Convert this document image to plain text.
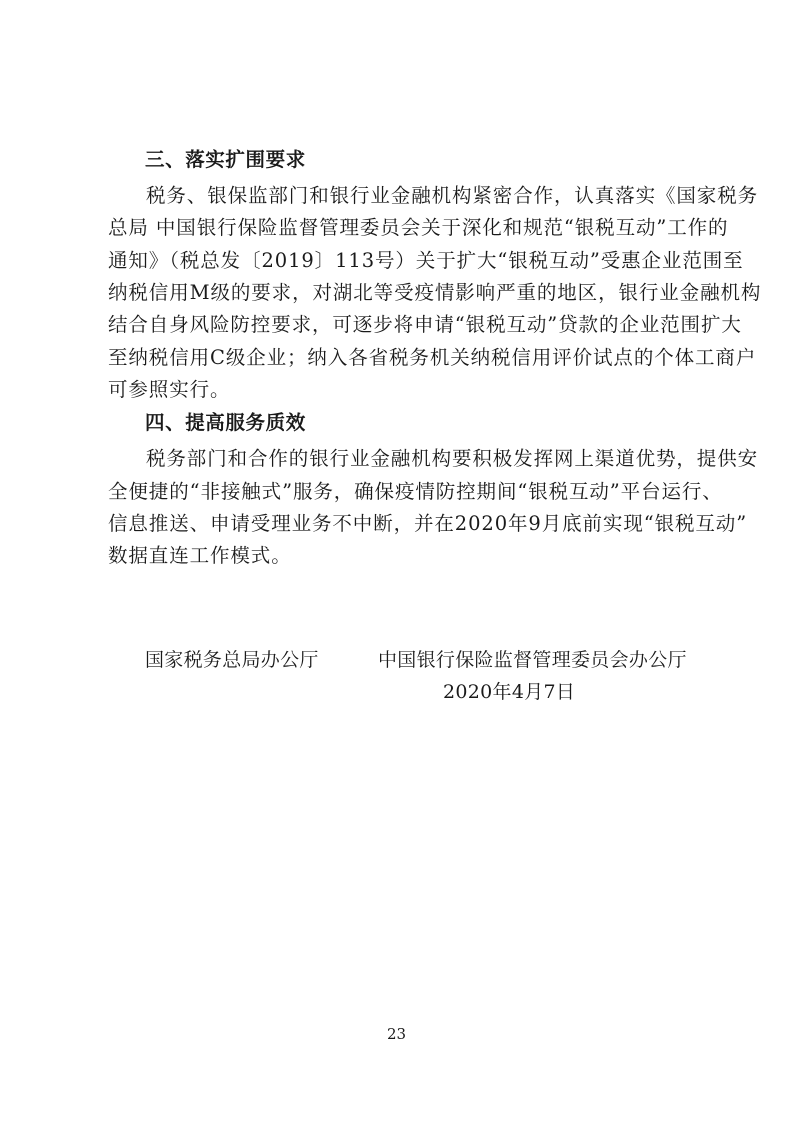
三、落实扩围要求
税务、银保监部门和银行业金融机构紧密合作，认真落实《国家税务
总局 中国银行保险监督管理委员会关于深化和规范“银税互动”工作的
通知》（税总发〔2019〕113号）关于扩大“银税互动”受惠企业范围至
纳税信用M级的要求，对湖北等受疫情影响严重的地区，银行业金融机构
结合自身风险防控要求，可逐步将申请“银税互动”贷款的企业范围扩大
至纳税信用C级企业；纳入各省税务机关纳税信用评价试点的个体工商户
可参照实行。
四、提高服务质效
税务部门和合作的银行业金融机构要积极发挥网上渠道优势，提供安
全便捷的“非接触式”服务，确保疫情防控期间“银税互动”平台运行、
信息推送、申请受理业务不中断，并在2020年9月底前实现“银税互动”
数据直连工作模式。
国家税务总局办公厅	中国银行保险监督管理委员会办公厅
2020年4月7日
23
